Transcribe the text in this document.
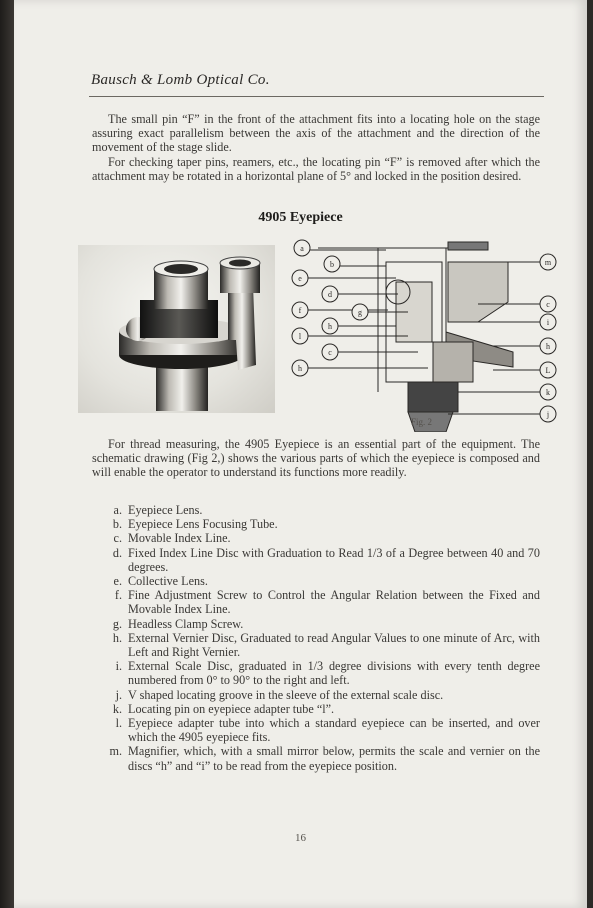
Bausch & Lomb Optical Co.

The small pin “F” in the front of the attachment fits into a locating hole on the stage assuring exact parallelism between the axis of the attachment and the direction of the movement of the stage slide.

For checking taper pins, reamers, etc., the locating pin “F” is removed after which the attachment may be rotated in a horizontal plane of 5° and locked in the position desired.

4905 Eyepiece
a
b
e
d
f	g
h
l
c
h
m
c
i
h
L
k
j
Fig. 2

For thread measuring, the 4905 Eyepiece is an essential part of the equipment. The schematic drawing (Fig 2,) shows the various parts of which the eyepiece is composed and will enable the operator to understand its functions more readily.

a. Eyepiece Lens.
b. Eyepiece Lens Focusing Tube.
c. Movable Index Line.
d. Fixed Index Line Disc with Graduation to Read 1/3 of a Degree between 40 and 70 degrees.
e. Collective Lens.
f. Fine Adjustment Screw to Control the Angular Relation between the Fixed and Movable Index Line.
g. Headless Clamp Screw.
h. External Vernier Disc, Graduated to read Angular Values to one minute of Arc, with Left and Right Vernier.
i. External Scale Disc, graduated in 1/3 degree divisions with every tenth degree numbered from 0° to 90° to the right and left.
j. V shaped locating groove in the sleeve of the external scale disc.
k. Locating pin on eyepiece adapter tube “l”.
l. Eyepiece adapter tube into which a standard eyepiece can be inserted, and over which the 4905 eyepiece fits.
m. Magnifier, which, with a small mirror below, permits the scale and vernier on the discs “h” and “i” to be read from the eyepiece position.
16
